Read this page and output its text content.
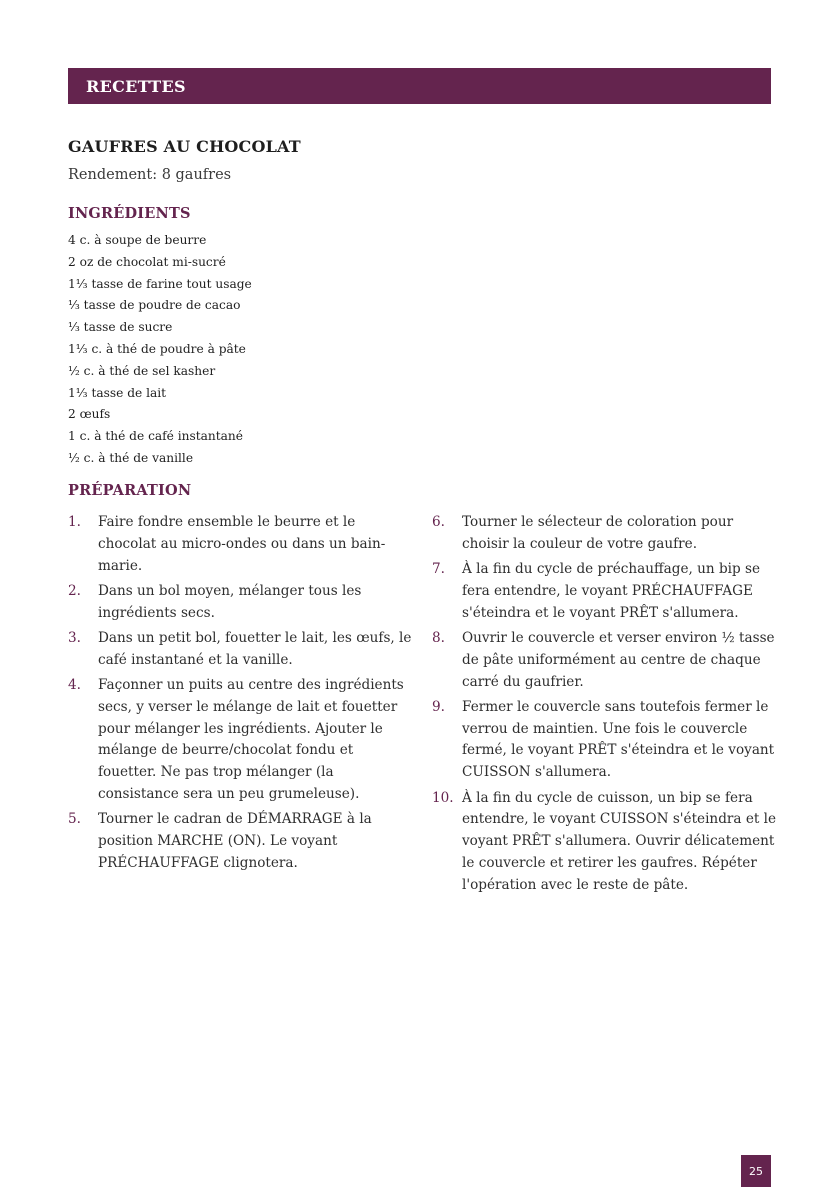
RECETTES
GAUFRES AU CHOCOLAT
Rendement: 8 gaufres
INGRÉDIENTS
4 c. à soupe de beurre
2 oz de chocolat mi-sucré
1⅓ tasse de farine tout usage
⅓ tasse de poudre de cacao
⅓ tasse de sucre
1⅓ c. à thé de poudre à pâte
½ c. à thé de sel kasher
1⅓ tasse de lait
2 œufs
1 c. à thé de café instantané
½ c. à thé de vanille
PRÉPARATION
1. Faire fondre ensemble le beurre et le chocolat au micro-ondes ou dans un bain-marie.
2. Dans un bol moyen, mélanger tous les ingrédients secs.
3. Dans un petit bol, fouetter le lait, les œufs, le café instantané et la vanille.
4. Façonner un puits au centre des ingrédients secs, y verser le mélange de lait et fouetter pour mélanger les ingrédients. Ajouter le mélange de beurre/chocolat fondu et fouetter. Ne pas trop mélanger (la consistance sera un peu grumeleuse).
5. Tourner le cadran de DÉMARRAGE à la position MARCHE (ON). Le voyant PRÉCHAUFFAGE clignotera.
6. Tourner le sélecteur de coloration pour choisir la couleur de votre gaufre.
7. À la fin du cycle de préchauffage, un bip se fera entendre, le voyant PRÉCHAUFFAGE s'éteindra et le voyant PRÊT s'allumera.
8. Ouvrir le couvercle et verser environ ½ tasse de pâte uniformément au centre de chaque carré du gaufrier.
9. Fermer le couvercle sans toutefois fermer le verrou de maintien. Une fois le couvercle fermé, le voyant PRÊT s'éteindra et le voyant CUISSON s'allumera.
10. À la fin du cycle de cuisson, un bip se fera entendre, le voyant CUISSON s'éteindra et le voyant PRÊT s'allumera. Ouvrir délicatement le couvercle et retirer les gaufres. Répéter l'opération avec le reste de pâte.
25
